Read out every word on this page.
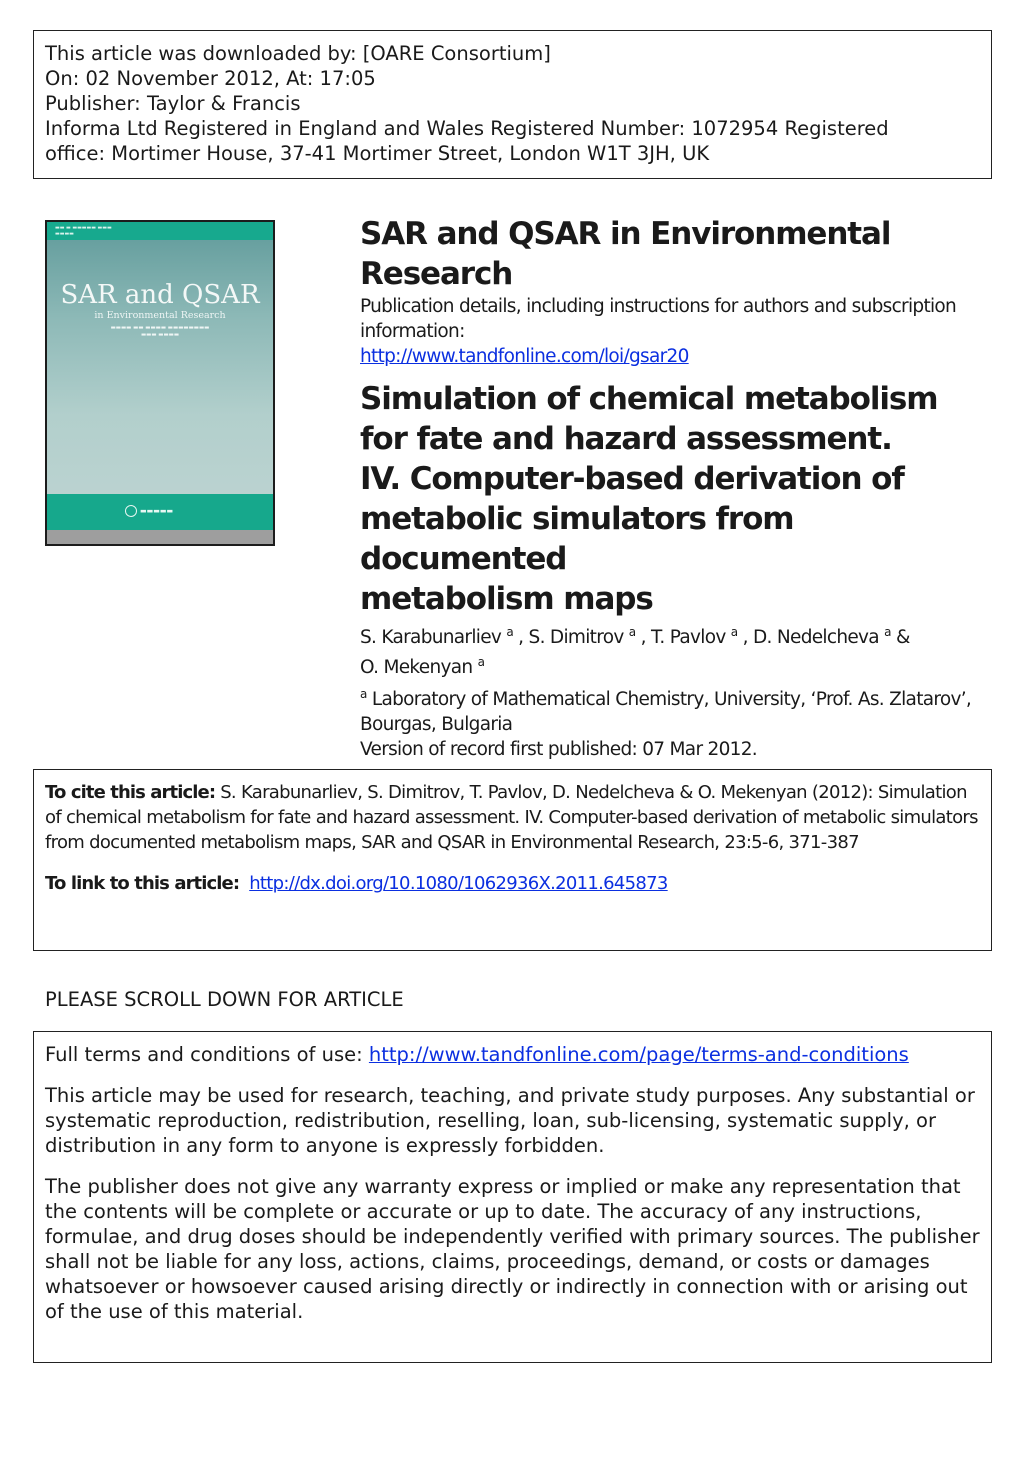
This article was downloaded by: [OARE Consortium]
On: 02 November 2012, At: 17:05
Publisher: Taylor & Francis
Informa Ltd Registered in England and Wales Registered Number: 1072954 Registered
office: Mortimer House, 37-41 Mortimer Street, London W1T 3JH, UK
▬▬ ▬ ▬▬▬▬▬ ▬▬▬
▬▬▬▬
SAR and QSAR
in Environmental Research
▬▬▬▬ ▬▬ ▬▬▬▬ ▬▬▬▬▬▬▬▬
▬▬▬ ▬▬▬▬
▬▬▬▬▬
SAR and QSAR in Environmental Research
Publication details, including instructions for authors and subscription information:
http://www.tandfonline.com/loi/gsar20
Simulation of chemical metabolism
for fate and hazard assessment.
IV. Computer-based derivation of
metabolic simulators from documented
metabolism maps
S. Karabunarliev $^a$ , S. Dimitrov $^a$ , T. Pavlov $^a$ , D. Nedelcheva $^a$ &
O. Mekenyan $^a$
$^a$ Laboratory of Mathematical Chemistry, University, ‘Prof. As. Zlatarov’, Bourgas, Bulgaria
Version of record first published: 07 Mar 2012.
To cite this article: S. Karabunarliev, S. Dimitrov, T. Pavlov, D. Nedelcheva & O. Mekenyan (2012): Simulation of chemical metabolism for fate and hazard assessment. IV. Computer-based derivation of metabolic simulators from documented metabolism maps, SAR and QSAR in Environmental Research, 23:5-6, 371-387
To link to this article: http://dx.doi.org/10.1080/1062936X.2011.645873
PLEASE SCROLL DOWN FOR ARTICLE

Full terms and conditions of use: http://www.tandfonline.com/page/terms-and-conditions

This article may be used for research, teaching, and private study purposes. Any substantial or systematic reproduction, redistribution, reselling, loan, sub-licensing, systematic supply, or distribution in any form to anyone is expressly forbidden.

The publisher does not give any warranty express or implied or make any representation that the contents will be complete or accurate or up to date. The accuracy of any instructions, formulae, and drug doses should be independently verified with primary sources. The publisher shall not be liable for any loss, actions, claims, proceedings, demand, or costs or damages whatsoever or howsoever caused arising directly or indirectly in connection with or arising out of the use of this material.
